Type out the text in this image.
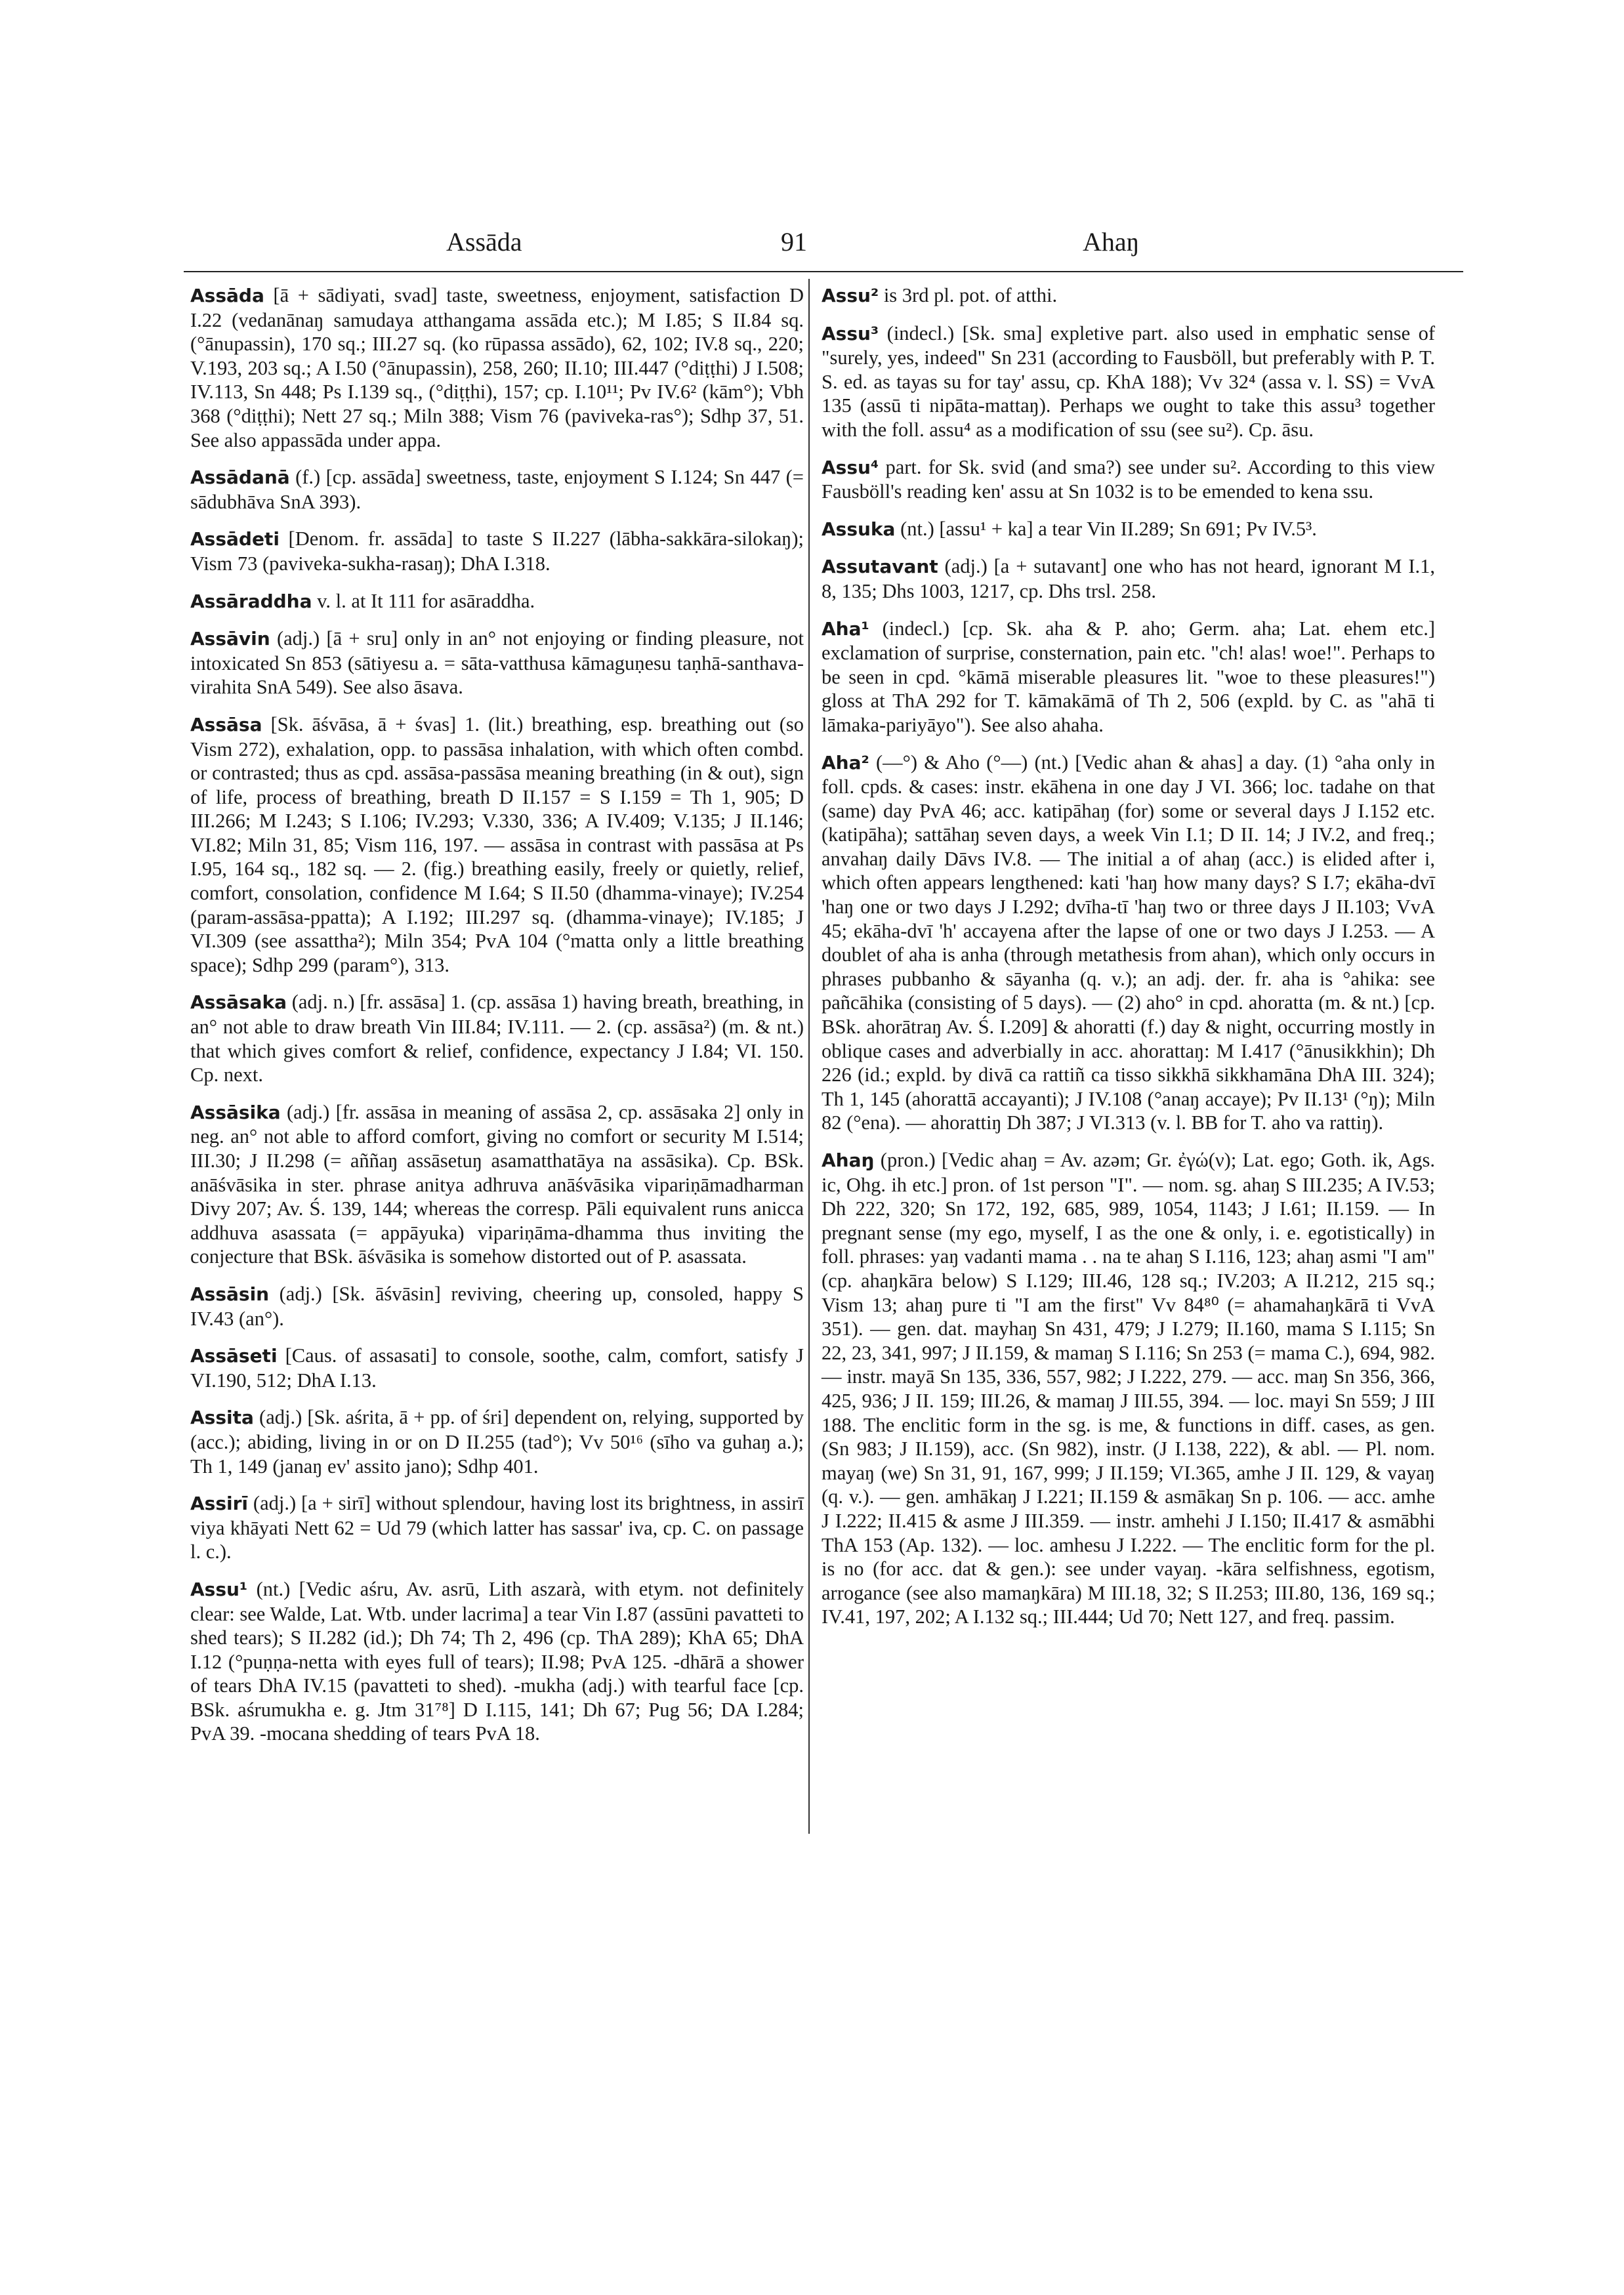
Assāda	91	Ahaŋ

Assāda [ā + sādiyati, svad] taste, sweetness, enjoyment, satisfaction D I.22 (vedanānaŋ samudaya atthangama assāda etc.); M I.85; S II.84 sq. (°ānupassin), 170 sq.; III.27 sq. (ko rūpassa assādo), 62, 102; IV.8 sq., 220; V.193, 203 sq.; A I.50 (°ānupassin), 258, 260; II.10; III.447 (°diṭṭhi) J I.508; IV.113, Sn 448; Ps I.139 sq., (°diṭṭhi), 157; cp. I.10¹¹; Pv IV.6² (kām°); Vbh 368 (°diṭṭhi); Nett 27 sq.; Miln 388; Vism 76 (paviveka-ras°); Sdhp 37, 51. See also appassāda under appa.

Assādanā (f.) [cp. assāda] sweetness, taste, enjoyment S I.124; Sn 447 (= sādubhāva SnA 393).

Assādeti [Denom. fr. assāda] to taste S II.227 (lābha-sakkāra-silokaŋ); Vism 73 (paviveka-sukha-rasaŋ); DhA I.318.

Assāraddha v. l. at It 111 for asāraddha.

Assāvin (adj.) [ā + sru] only in an° not enjoying or finding pleasure, not intoxicated Sn 853 (sātiyesu a. = sāta-vatthusa kāmaguṇesu taṇhā-santhava-virahita SnA 549). See also āsava.

Assāsa [Sk. āśvāsa, ā + śvas] 1. (lit.) breathing, esp. breathing out (so Vism 272), exhalation, opp. to passāsa inhalation, with which often combd. or contrasted; thus as cpd. assāsa-passāsa meaning breathing (in & out), sign of life, process of breathing, breath D II.157 = S I.159 = Th 1, 905; D III.266; M I.243; S I.106; IV.293; V.330, 336; A IV.409; V.135; J II.146; VI.82; Miln 31, 85; Vism 116, 197. — assāsa in contrast with passāsa at Ps I.95, 164 sq., 182 sq. — 2. (fig.) breathing easily, freely or quietly, relief, comfort, consolation, confidence M I.64; S II.50 (dhamma-vinaye); IV.254 (param-assāsa-ppatta); A I.192; III.297 sq. (dhamma-vinaye); IV.185; J VI.309 (see assattha²); Miln 354; PvA 104 (°matta only a little breathing space); Sdhp 299 (param°), 313.

Assāsaka (adj. n.) [fr. assāsa] 1. (cp. assāsa 1) having breath, breathing, in an° not able to draw breath Vin III.84; IV.111. — 2. (cp. assāsa²) (m. & nt.) that which gives comfort & relief, confidence, expectancy J I.84; VI. 150. Cp. next.

Assāsika (adj.) [fr. assāsa in meaning of assāsa 2, cp. assāsaka 2] only in neg. an° not able to afford comfort, giving no comfort or security M I.514; III.30; J II.298 (= aññaŋ assāsetuŋ asamatthatāya na assāsika). Cp. BSk. anāśvāsika in ster. phrase anitya adhruva anāśvāsika vipariṇāmadharman Divy 207; Av. Ś. 139, 144; whereas the corresp. Pāli equivalent runs anicca addhuva asassata (= appāyuka) vipariṇāma-dhamma thus inviting the conjecture that BSk. āśvāsika is somehow distorted out of P. asassata.

Assāsin (adj.) [Sk. āśvāsin] reviving, cheering up, consoled, happy S IV.43 (an°).

Assāseti [Caus. of assasati] to console, soothe, calm, comfort, satisfy J VI.190, 512; DhA I.13.

Assita (adj.) [Sk. aśrita, ā + pp. of śri] dependent on, relying, supported by (acc.); abiding, living in or on D II.255 (tad°); Vv 50¹⁶ (sīho va guhaŋ a.); Th 1, 149 (janaŋ ev' assito jano); Sdhp 401.

Assirī (adj.) [a + sirī] without splendour, having lost its brightness, in assirī viya khāyati Nett 62 = Ud 79 (which latter has sassar' iva, cp. C. on passage l. c.).

Assu¹ (nt.) [Vedic aśru, Av. asrū, Lith aszarà, with etym. not definitely clear: see Walde, Lat. Wtb. under lacrima] a tear Vin I.87 (assūni pavatteti to shed tears); S II.282 (id.); Dh 74; Th 2, 496 (cp. ThA 289); KhA 65; DhA I.12 (°puṇṇa-netta with eyes full of tears); II.98; PvA 125. -dhārā a shower of tears DhA IV.15 (pavatteti to shed). -mukha (adj.) with tearful face [cp. BSk. aśrumukha e. g. Jtm 31⁷⁸] D I.115, 141; Dh 67; Pug 56; DA I.284; PvA 39. -mocana shedding of tears PvA 18.

Assu² is 3rd pl. pot. of atthi.

Assu³ (indecl.) [Sk. sma] expletive part. also used in emphatic sense of "surely, yes, indeed" Sn 231 (according to Fausböll, but preferably with P. T. S. ed. as tayas su for tay' assu, cp. KhA 188); Vv 32⁴ (assa v. l. SS) = VvA 135 (assū ti nipāta-mattaŋ). Perhaps we ought to take this assu³ together with the foll. assu⁴ as a modification of ssu (see su²). Cp. āsu.

Assu⁴ part. for Sk. svid (and sma?) see under su². According to this view Fausböll's reading ken' assu at Sn 1032 is to be emended to kena ssu.

Assuka (nt.) [assu¹ + ka] a tear Vin II.289; Sn 691; Pv IV.5³.

Assutavant (adj.) [a + sutavant] one who has not heard, ignorant M I.1, 8, 135; Dhs 1003, 1217, cp. Dhs trsl. 258.

Aha¹ (indecl.) [cp. Sk. aha & P. aho; Germ. aha; Lat. ehem etc.] exclamation of surprise, consternation, pain etc. "ch! alas! woe!". Perhaps to be seen in cpd. °kāmā miserable pleasures lit. "woe to these pleasures!") gloss at ThA 292 for T. kāmakāmā of Th 2, 506 (expld. by C. as "ahā ti lāmaka-pariyāyo"). See also ahaha.

Aha² (—°) & Aho (°—) (nt.) [Vedic ahan & ahas] a day. (1) °aha only in foll. cpds. & cases: instr. ekāhena in one day J VI. 366; loc. tadahe on that (same) day PvA 46; acc. katipāhaŋ (for) some or several days J I.152 etc. (katipāha); sattāhaŋ seven days, a week Vin I.1; D II. 14; J IV.2, and freq.; anvahaŋ daily Dāvs IV.8. — The initial a of ahaŋ (acc.) is elided after i, which often appears lengthened: kati 'haŋ how many days? S I.7; ekāha-dvī 'haŋ one or two days J I.292; dvīha-tī 'haŋ two or three days J II.103; VvA 45; ekāha-dvī 'h' accayena after the lapse of one or two days J I.253. — A doublet of aha is anha (through metathesis from ahan), which only occurs in phrases pubbanho & sāyanha (q. v.); an adj. der. fr. aha is °ahika: see pañcāhika (consisting of 5 days). — (2) aho° in cpd. ahoratta (m. & nt.) [cp. BSk. ahorātraŋ Av. Ś. I.209] & ahoratti (f.) day & night, occurring mostly in oblique cases and adverbially in acc. ahorattaŋ: M I.417 (°ānusikkhin); Dh 226 (id.; expld. by divā ca rattiñ ca tisso sikkhā sikkhamāna DhA III. 324); Th 1, 145 (ahorattā accayanti); J IV.108 (°anaŋ accaye); Pv II.13¹ (°ŋ); Miln 82 (°ena). — ahorattiŋ Dh 387; J VI.313 (v. l. BB for T. aho va rattiŋ).

Ahaŋ (pron.) [Vedic ahaŋ = Av. azəm; Gr. ἐγώ(ν); Lat. ego; Goth. ik, Ags. ic, Ohg. ih etc.] pron. of 1st person "I". — nom. sg. ahaŋ S III.235; A IV.53; Dh 222, 320; Sn 172, 192, 685, 989, 1054, 1143; J I.61; II.159. — In pregnant sense (my ego, myself, I as the one & only, i. e. egotistically) in foll. phrases: yaŋ vadanti mama . . na te ahaŋ S I.116, 123; ahaŋ asmi "I am" (cp. ahaŋkāra below) S I.129; III.46, 128 sq.; IV.203; A II.212, 215 sq.; Vism 13; ahaŋ pure ti "I am the first" Vv 84⁸⁰ (= ahamahaŋkārā ti VvA 351). — gen. dat. mayhaŋ Sn 431, 479; J I.279; II.160, mama S I.115; Sn 22, 23, 341, 997; J II.159, & mamaŋ S I.116; Sn 253 (= mama C.), 694, 982. — instr. mayā Sn 135, 336, 557, 982; J I.222, 279. — acc. maŋ Sn 356, 366, 425, 936; J II. 159; III.26, & mamaŋ J III.55, 394. — loc. mayi Sn 559; J III 188. The enclitic form in the sg. is me, & functions in diff. cases, as gen. (Sn 983; J II.159), acc. (Sn 982), instr. (J I.138, 222), & abl. — Pl. nom. mayaŋ (we) Sn 31, 91, 167, 999; J II.159; VI.365, amhe J II. 129, & vayaŋ (q. v.). — gen. amhākaŋ J I.221; II.159 & asmākaŋ Sn p. 106. — acc. amhe J I.222; II.415 & asme J III.359. — instr. amhehi J I.150; II.417 & asmābhi ThA 153 (Ap. 132). — loc. amhesu J I.222. — The enclitic form for the pl. is no (for acc. dat & gen.): see under vayaŋ. -kāra selfishness, egotism, arrogance (see also mamaŋkāra) M III.18, 32; S II.253; III.80, 136, 169 sq.; IV.41, 197, 202; A I.132 sq.; III.444; Ud 70; Nett 127, and freq. passim.
